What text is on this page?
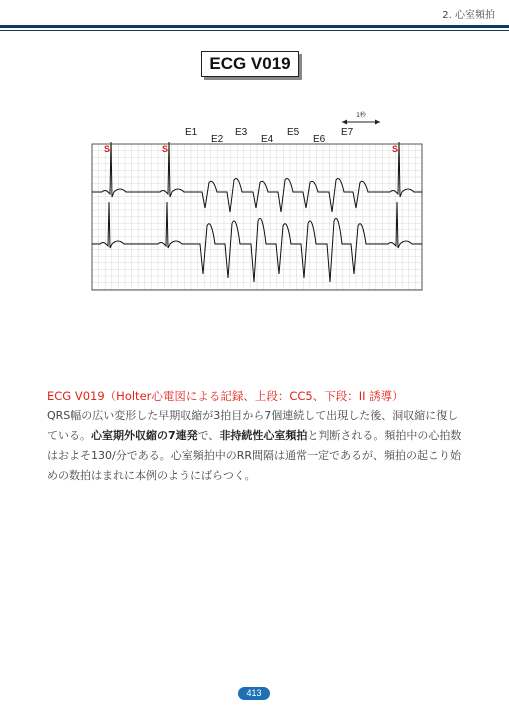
2. 心室頻拍
ECG V019
1秒
E1
E2
E3
E4
E5
E6
E7
S	S	S
ECG V019（Holter心電図による記録、上段：CC5、下段：II 誘導）
QRS幅の広い変形した早期収縮が3拍目から7個連続して出現した後、洞収縮に復している。心室期外収縮の7連発で、非持続性心室頻拍と判断される。頻拍中の心拍数はおよそ130/分である。心室頻拍中のRR間隔は通常一定であるが、頻拍の起こり始めの数拍はまれに本例のようにばらつく。
413
